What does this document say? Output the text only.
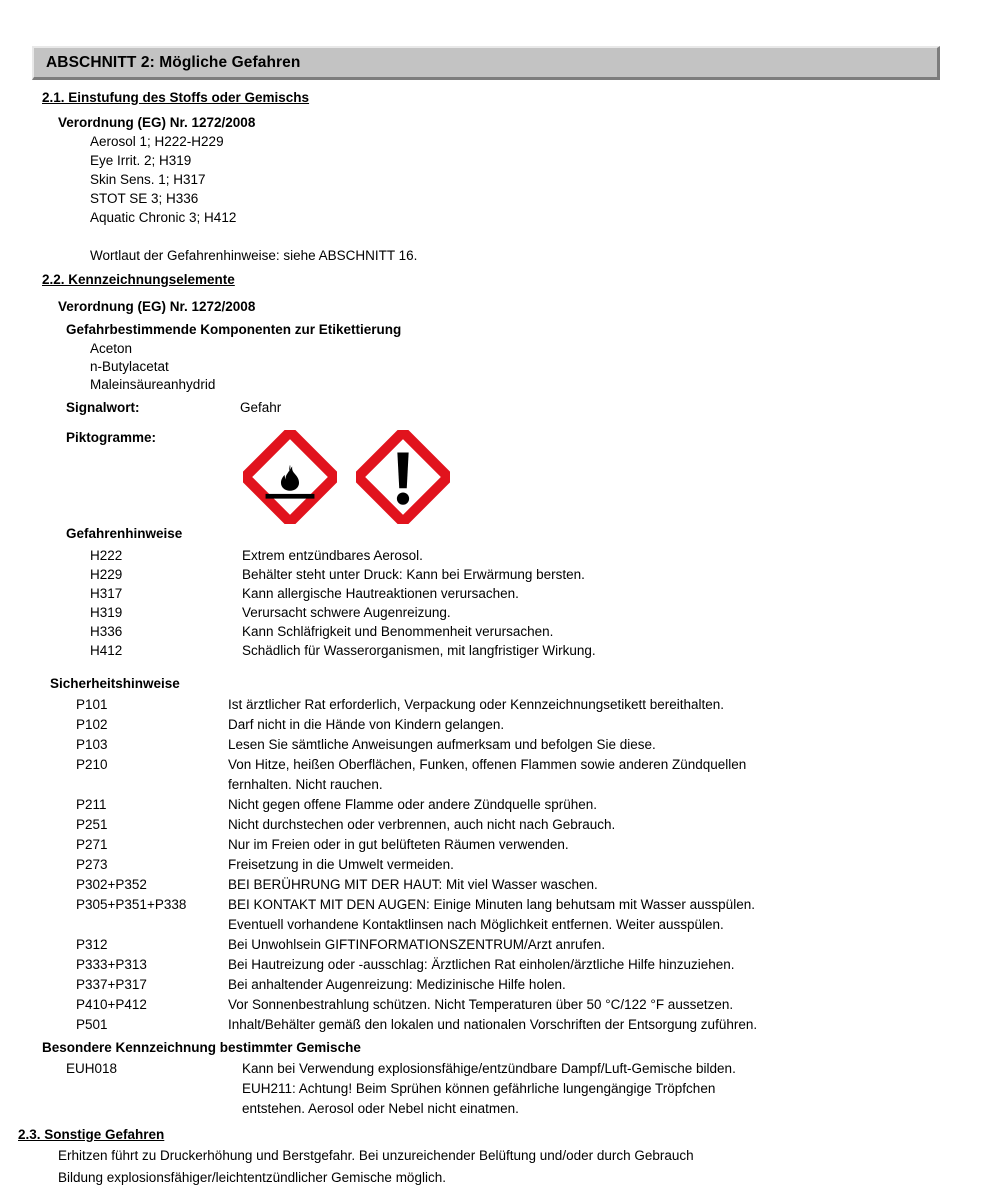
ABSCHNITT 2: Mögliche Gefahren
2.1. Einstufung des Stoffs oder Gemischs
Verordnung (EG) Nr. 1272/2008
Aerosol 1; H222-H229
Eye Irrit. 2; H319
Skin Sens. 1; H317
STOT SE 3; H336
Aquatic Chronic 3; H412
Wortlaut der Gefahrenhinweise: siehe ABSCHNITT 16.
2.2. Kennzeichnungselemente
Verordnung (EG) Nr. 1272/2008
Gefahrbestimmende Komponenten zur Etikettierung
Aceton
n-Butylacetat
Maleinsäureanhydrid
Signalwort:	Gefahr
Piktogramme:
Gefahrenhinweise
H222	Extrem entzündbares Aerosol.
H229	Behälter steht unter Druck: Kann bei Erwärmung bersten.
H317	Kann allergische Hautreaktionen verursachen.
H319	Verursacht schwere Augenreizung.
H336	Kann Schläfrigkeit und Benommenheit verursachen.
H412	Schädlich für Wasserorganismen, mit langfristiger Wirkung.
Sicherheitshinweise
P101	Ist ärztlicher Rat erforderlich, Verpackung oder Kennzeichnungsetikett bereithalten.
P102	Darf nicht in die Hände von Kindern gelangen.
P103	Lesen Sie sämtliche Anweisungen aufmerksam und befolgen Sie diese.
P210	Von Hitze, heißen Oberflächen, Funken, offenen Flammen sowie anderen Zündquellen
fernhalten. Nicht rauchen.
P211	Nicht gegen offene Flamme oder andere Zündquelle sprühen.
P251	Nicht durchstechen oder verbrennen, auch nicht nach Gebrauch.
P271	Nur im Freien oder in gut belüfteten Räumen verwenden.
P273	Freisetzung in die Umwelt vermeiden.
P302+P352	BEI BERÜHRUNG MIT DER HAUT: Mit viel Wasser waschen.
P305+P351+P338	BEI KONTAKT MIT DEN AUGEN: Einige Minuten lang behutsam mit Wasser ausspülen.
Eventuell vorhandene Kontaktlinsen nach Möglichkeit entfernen. Weiter ausspülen.
P312	Bei Unwohlsein GIFTINFORMATIONSZENTRUM/Arzt anrufen.
P333+P313	Bei Hautreizung oder -ausschlag: Ärztlichen Rat einholen/ärztliche Hilfe hinzuziehen.
P337+P317	Bei anhaltender Augenreizung: Medizinische Hilfe holen.
P410+P412	Vor Sonnenbestrahlung schützen. Nicht Temperaturen über 50 °C/122 °F aussetzen.
P501	Inhalt/Behälter gemäß den lokalen und nationalen Vorschriften der Entsorgung zuführen.
Besondere Kennzeichnung bestimmter Gemische
EUH018	Kann bei Verwendung explosionsfähige/entzündbare Dampf/Luft-Gemische bilden.
EUH211: Achtung! Beim Sprühen können gefährliche lungengängige Tröpfchen
entstehen. Aerosol oder Nebel nicht einatmen.
2.3. Sonstige Gefahren
Erhitzen führt zu Druckerhöhung und Berstgefahr. Bei unzureichender Belüftung und/oder durch Gebrauch
Bildung explosionsfähiger/leichtentzündlicher Gemische möglich.
